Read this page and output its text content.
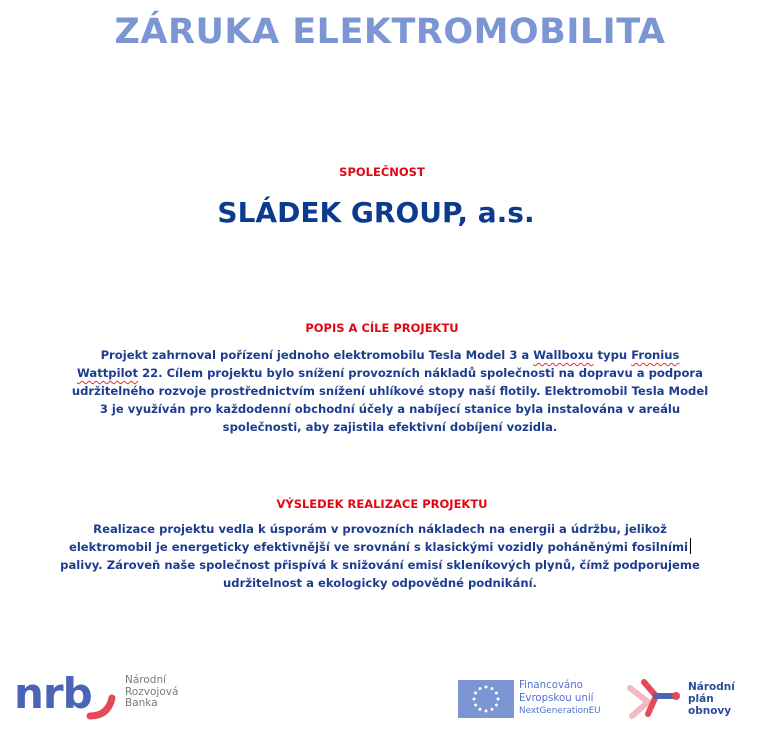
ZÁRUKA ELEKTROMOBILITA
SPOLEČNOST
SLÁDEK GROUP, a.s.
POPIS A CÍLE PROJEKTU
Projekt zahrnoval pořízení jednoho elektromobilu Tesla Model 3 a Wallboxu typu Fronius
Wattpilot 22. Cílem projektu bylo snížení provozních nákladů společnosti na dopravu a podpora
udržitelného rozvoje prostřednictvím snížení uhlíkové stopy naší flotily. Elektromobil Tesla Model
3 je využíván pro každodenní obchodní účely a nabíjecí stanice byla instalována v areálu
společnosti, aby zajistila efektivní dobíjení vozidla.
VÝSLEDEK REALIZACE PROJEKTU
Realizace projektu vedla k úsporám v provozních nákladech na energii a údržbu, jelikož
elektromobil je energeticky efektivnější ve srovnání s klasickými vozidly poháněnými fosilními
palivy. Zároveň naše společnost přispívá k snižování emisí skleníkových plynů, čímž podporujeme
udržitelnost a ekologicky odpovědné podnikání.
nrb	Národní
Rozvojová
Banka
Financováno
Evropskou unií
NextGenerationEU
Národní
plán
obnovy
